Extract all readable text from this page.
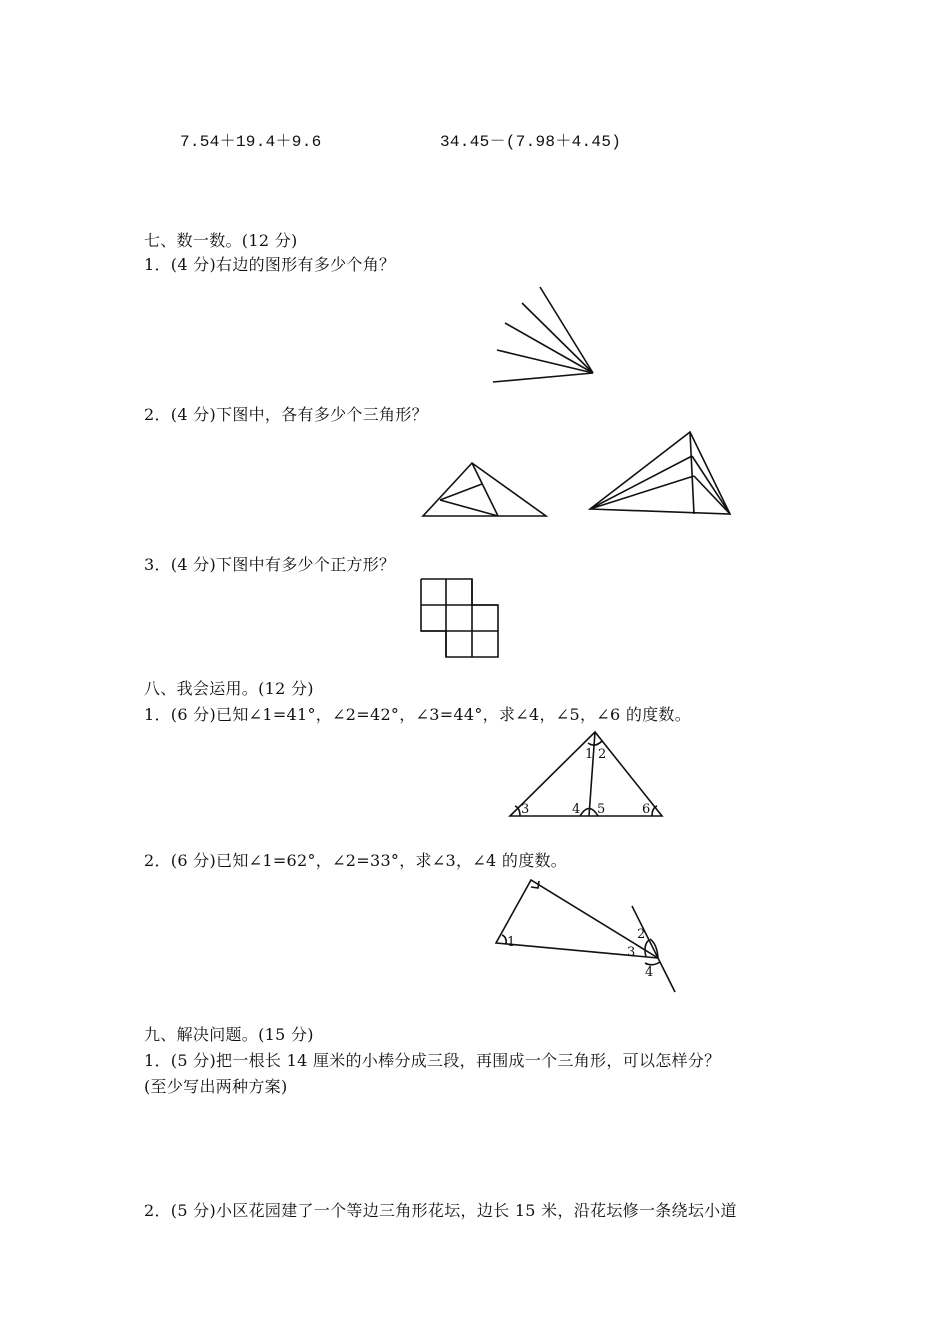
7.54＋19.4＋9.6	34.45－(7.98＋4.45)
七、数一数。(12 分)
1．(4 分)右边的图形有多少个角？
2．(4 分)下图中，各有多少个三角形？
3．(4 分)下图中有多少个正方形？
八、我会运用。(12 分)
1．(6 分)已知∠1=41°，∠2=42°，∠3=44°，求∠4，∠5，∠6 的度数。
1 2
3	4 5	6
2．(6 分)已知∠1=62°，∠2=33°，求∠3，∠4 的度数。
1
2
3
4
九、解决问题。(15 分)
1．(5 分)把一根长 14 厘米的小棒分成三段，再围成一个三角形，可以怎样分？
(至少写出两种方案)
2．(5 分)小区花园建了一个等边三角形花坛，边长 15 米，沿花坛修一条绕坛小道
